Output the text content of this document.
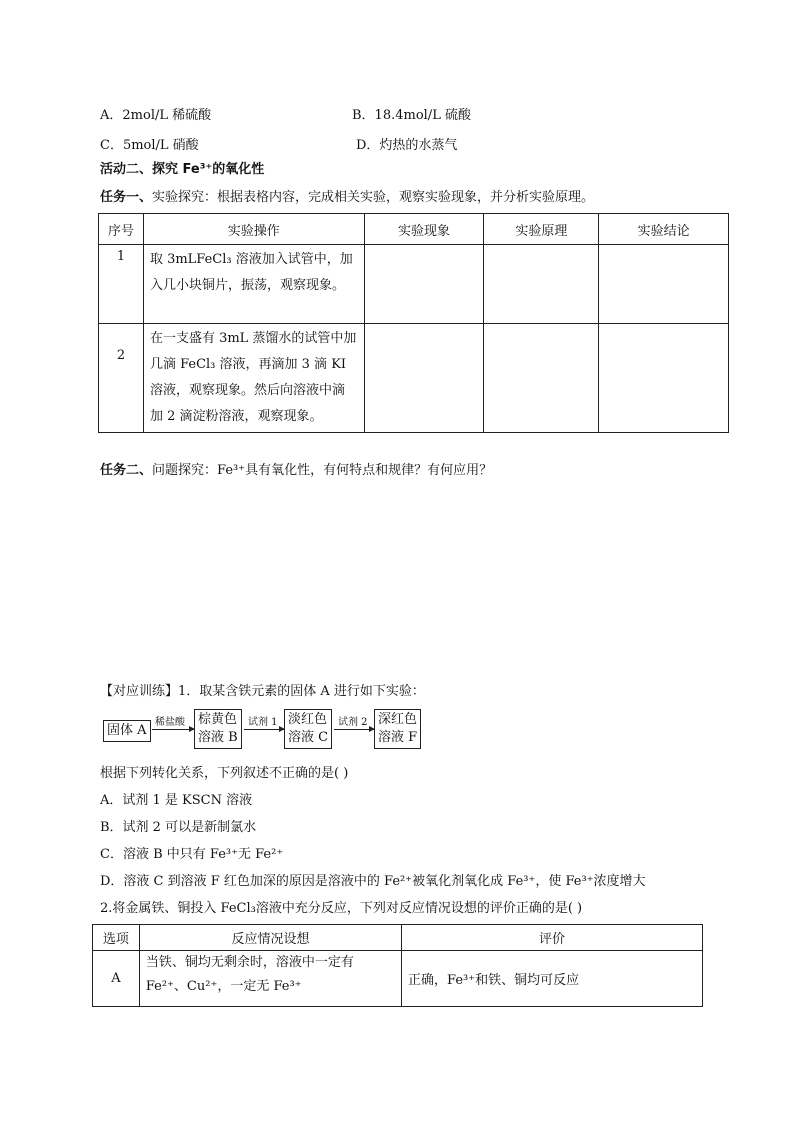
A．2mol/L 稀硫酸	B．18.4mol/L 硫酸
C．5mol/L 硝酸	D．灼热的水蒸气
活动二、探究 Fe³⁺的氧化性
任务一、实验探究：根据表格内容，完成相关实验，观察实验现象，并分析实验原理。
序号	实验操作	实验现象	实验原理	实验结论
1	取 3mLFeCl₃ 溶液加入试管中，加入几小块铜片，振荡，观察现象。			

2	在一支盛有 3mL 蒸馏水的试管中加几滴 FeCl₃ 溶液，再滴加 3 滴 KI 溶液，观察现象。然后向溶液中滴加 2 滴淀粉溶液，观察现象。			

任务二、问题探究：Fe³⁺具有氧化性，有何特点和规律？有何应用？
【对应训练】1．取某含铁元素的固体 A 进行如下实验：
固体 A
稀盐酸 棕黄色
溶液 B
试剂 1 淡红色
溶液 C
试剂 2 深红色
溶液 F
根据下列转化关系，下列叙述不正确的是( )
A．试剂 1 是 KSCN 溶液
B．试剂 2 可以是新制氯水
C．溶液 B 中只有 Fe³⁺无 Fe²⁺
D．溶液 C 到溶液 F 红色加深的原因是溶液中的 Fe²⁺被氧化剂氧化成 Fe³⁺，使 Fe³⁺浓度增大
2.将金属铁、铜投入 FeCl₃溶液中充分反应，下列对反应情况设想的评价正确的是( )
选项	反应情况设想	评价
A	当铁、铜均无剩余时，溶液中一定有 Fe²⁺、Cu²⁺，一定无 Fe³⁺	正确，Fe³⁺和铁、铜均可反应
